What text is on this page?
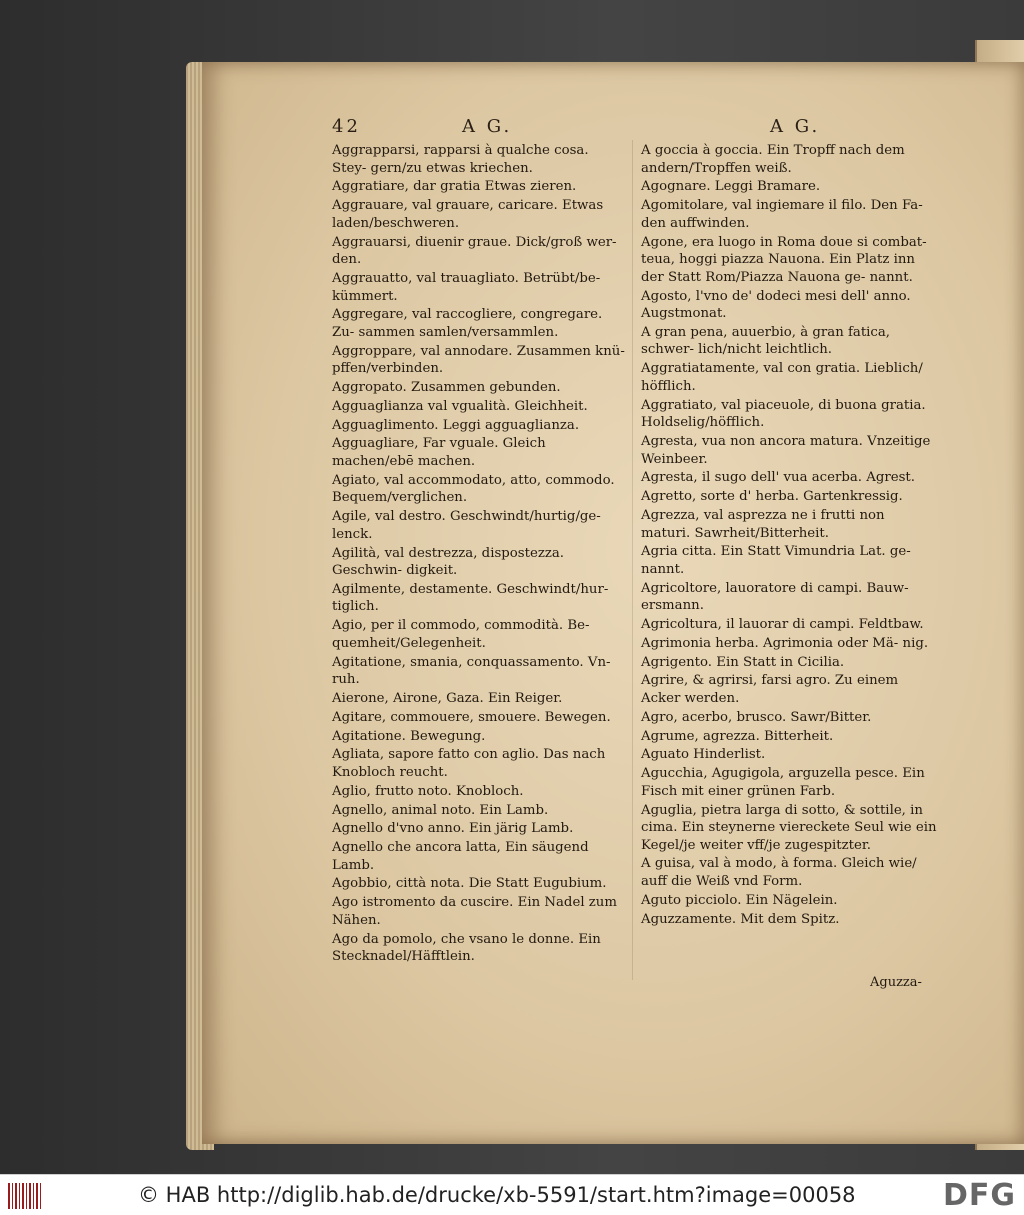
42	A G.	A G.
Aggrapparsi, rapparsi à qualche cosa. Stey- gern/zu etwas kriechen.
Aggratiare, dar gratia Etwas zieren.
Aggrauare, val grauare, caricare. Etwas laden/beschweren.
Aggrauarsi, diuenir graue. Dick/groß wer- den.
Aggrauatto, val trauagliato. Betrübt/be- kümmert.
Aggregare, val raccogliere, congregare. Zu- sammen samlen/versammlen.
Aggroppare, val annodare. Zusammen knü- pffen/verbinden.
Aggropato. Zusammen gebunden.
Agguaglianza val vgualità. Gleichheit.
Agguaglimento. Leggi agguaglianza.
Agguagliare, Far vguale. Gleich machen/ebē machen.
Agiato, val accommodato, atto, commodo. Bequem/verglichen.
Agile, val destro. Geschwindt/hurtig/ge- lenck.
Agilità, val destrezza, dispostezza. Geschwin- digkeit.
Agilmente, destamente. Geschwindt/hur- tiglich.
Agio, per il commodo, commodità. Be- quemheit/Gelegenheit.
Agitatione, smania, conquassamento. Vn- ruh.
Aierone, Airone, Gaza. Ein Reiger.
Agitare, commouere, smouere. Bewegen.
Agitatione. Bewegung.
Agliata, sapore fatto con aglio. Das nach Knobloch reucht.
Aglio, frutto noto. Knobloch.
Agnello, animal noto. Ein Lamb.
Agnello d'vno anno. Ein järig Lamb.
Agnello che ancora latta, Ein säugend Lamb.
Agobbio, città nota. Die Statt Eugubium.
Ago istromento da cuscire. Ein Nadel zum Nähen.
Ago da pomolo, che vsano le donne. Ein Stecknadel/Häfftlein.
A goccia à goccia. Ein Tropff nach dem andern/Tropffen weiß.
Agognare. Leggi Bramare.
Agomitolare, val ingiemare il filo. Den Fa- den auffwinden.
Agone, era luogo in Roma doue si combat- teua, hoggi piazza Nauona. Ein Platz inn der Statt Rom/Piazza Nauona ge- nannt.
Agosto, l'vno de' dodeci mesi dell' anno. Augstmonat.
A gran pena, auuerbio, à gran fatica, schwer- lich/nicht leichtlich.
Aggratiatamente, val con gratia. Lieblich/ höfflich.
Aggratiato, val piaceuole, di buona gratia. Holdselig/höfflich.
Agresta, vua non ancora matura. Vnzeitige Weinbeer.
Agresta, il sugo dell' vua acerba. Agrest.
Agretto, sorte d' herba. Gartenkressig.
Agrezza, val asprezza ne i frutti non maturi. Sawrheit/Bitterheit.
Agria citta. Ein Statt Vimundria Lat. ge- nannt.
Agricoltore, lauoratore di campi. Bauw- ersmann.
Agricoltura, il lauorar di campi. Feldtbaw.
Agrimonia herba. Agrimonia oder Mä- nig.
Agrigento. Ein Statt in Cicilia.
Agrire, & agrirsi, farsi agro. Zu einem Acker werden.
Agro, acerbo, brusco. Sawr/Bitter.
Agrume, agrezza. Bitterheit.
Aguato Hinderlist.
Agucchia, Agugigola, arguzella pesce. Ein Fisch mit einer grünen Farb.
Aguglia, pietra larga di sotto, & sottile, in cima. Ein steynerne viereckete Seul wie ein Kegel/je weiter vff/je zugespitzter.
A guisa, val à modo, à forma. Gleich wie/ auff die Weiß vnd Form.
Aguto picciolo. Ein Nägelein.
Aguzzamente. Mit dem Spitz.
Aguzza-
© HAB http://diglib.hab.de/drucke/xb-5591/start.htm?image=00058	DFG
